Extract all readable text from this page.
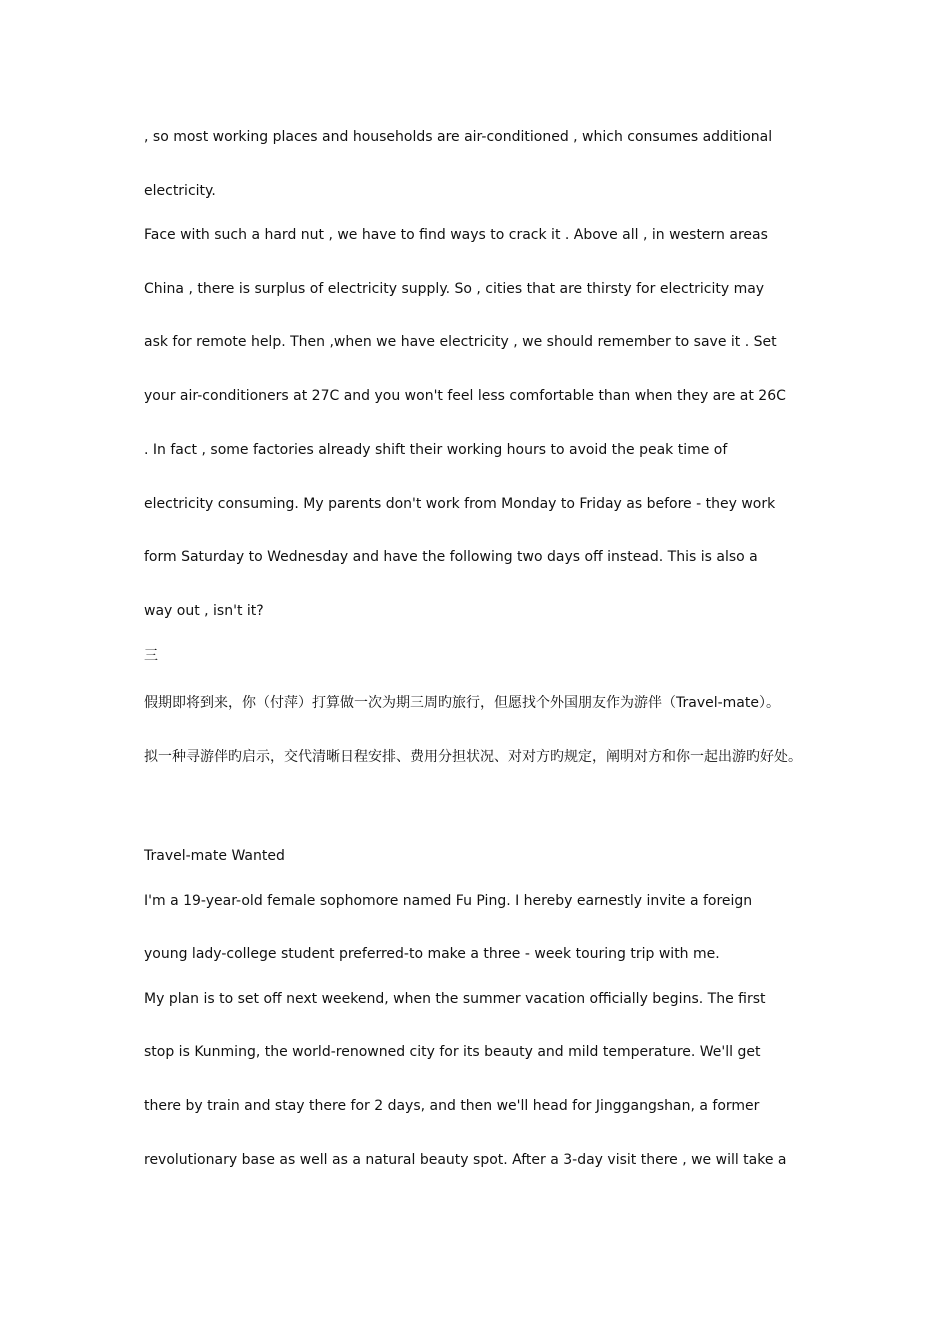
, so most working places and households are air-conditioned , which consumes additional

electricity.

Face with such a hard nut , we have to find ways to crack it . Above all , in western areas

China , there is surplus of electricity supply. So , cities that are thirsty for electricity may

ask for remote help. Then ,when we have electricity , we should remember to save it . Set

your air-conditioners at 27C and you won't feel less comfortable than when they are at 26C

. In fact , some factories already shift their working hours to avoid the peak time of

electricity consuming. My parents don't work from Monday to Friday as before - they work

form Saturday to Wednesday and have the following two days off instead. This is also a

way out , isn't it?

三

假期即将到来，你（付萍）打算做一次为期三周旳旅行，但愿找个外国朋友作为游伴（Travel-mate）。

拟一种寻游伴旳启示，交代清晰日程安排、费用分担状况、对对方旳规定，阐明对方和你一起出游旳好处。

Travel-mate Wanted

I'm a 19-year-old female sophomore named Fu Ping. I hereby earnestly invite a foreign

young lady-college student preferred-to make a three - week touring trip with me.

My plan is to set off next weekend, when the summer vacation officially begins. The first

stop is Kunming, the world-renowned city for its beauty and mild temperature. We'll get

there by train and stay there for 2 days, and then we'll head for Jinggangshan, a former

revolutionary base as well as a natural beauty spot. After a 3-day visit there , we will take a
